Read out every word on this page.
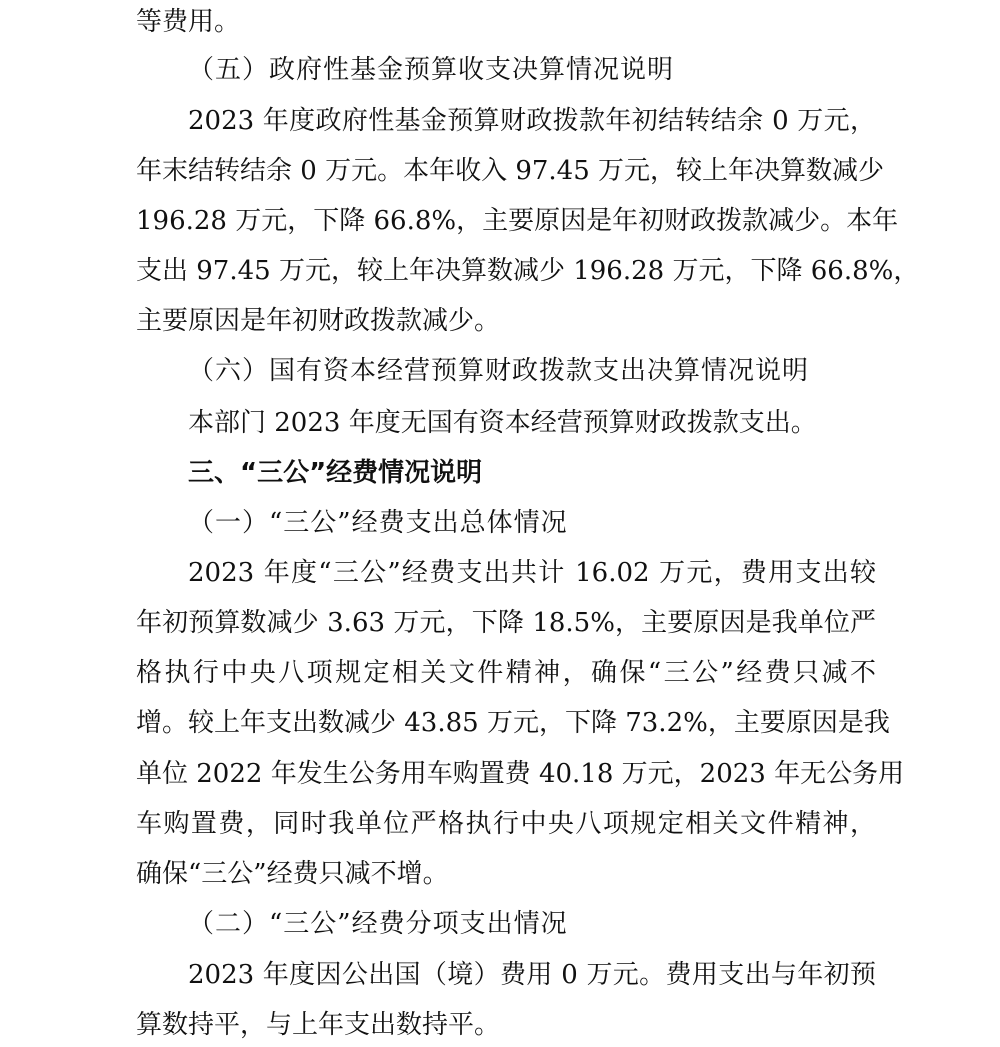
等费用。
（五）政府性基金预算收支决算情况说明
2023 年度政府性基金预算财政拨款年初结转结余 0 万元，
年末结转结余 0 万元。本年收入 97.45 万元，较上年决算数减少
196.28 万元，下降 66.8%，主要原因是年初财政拨款减少。本年
支出 97.45 万元，较上年决算数减少 196.28 万元，下降 66.8%，
主要原因是年初财政拨款减少。
（六）国有资本经营预算财政拨款支出决算情况说明
本部门 2023 年度无国有资本经营预算财政拨款支出。
三、“三公”经费情况说明
（一）“三公”经费支出总体情况
2023 年度“三公”经费支出共计 16.02 万元，费用支出较
年初预算数减少 3.63 万元，下降 18.5%，主要原因是我单位严
格执行中央八项规定相关文件精神，确保“三公”经费只减不
增。较上年支出数减少 43.85 万元，下降 73.2%，主要原因是我
单位 2022 年发生公务用车购置费 40.18 万元，2023 年无公务用
车购置费，同时我单位严格执行中央八项规定相关文件精神，
确保“三公”经费只减不增。
（二）“三公”经费分项支出情况
2023 年度因公出国（境）费用 0 万元。费用支出与年初预
算数持平，与上年支出数持平。
